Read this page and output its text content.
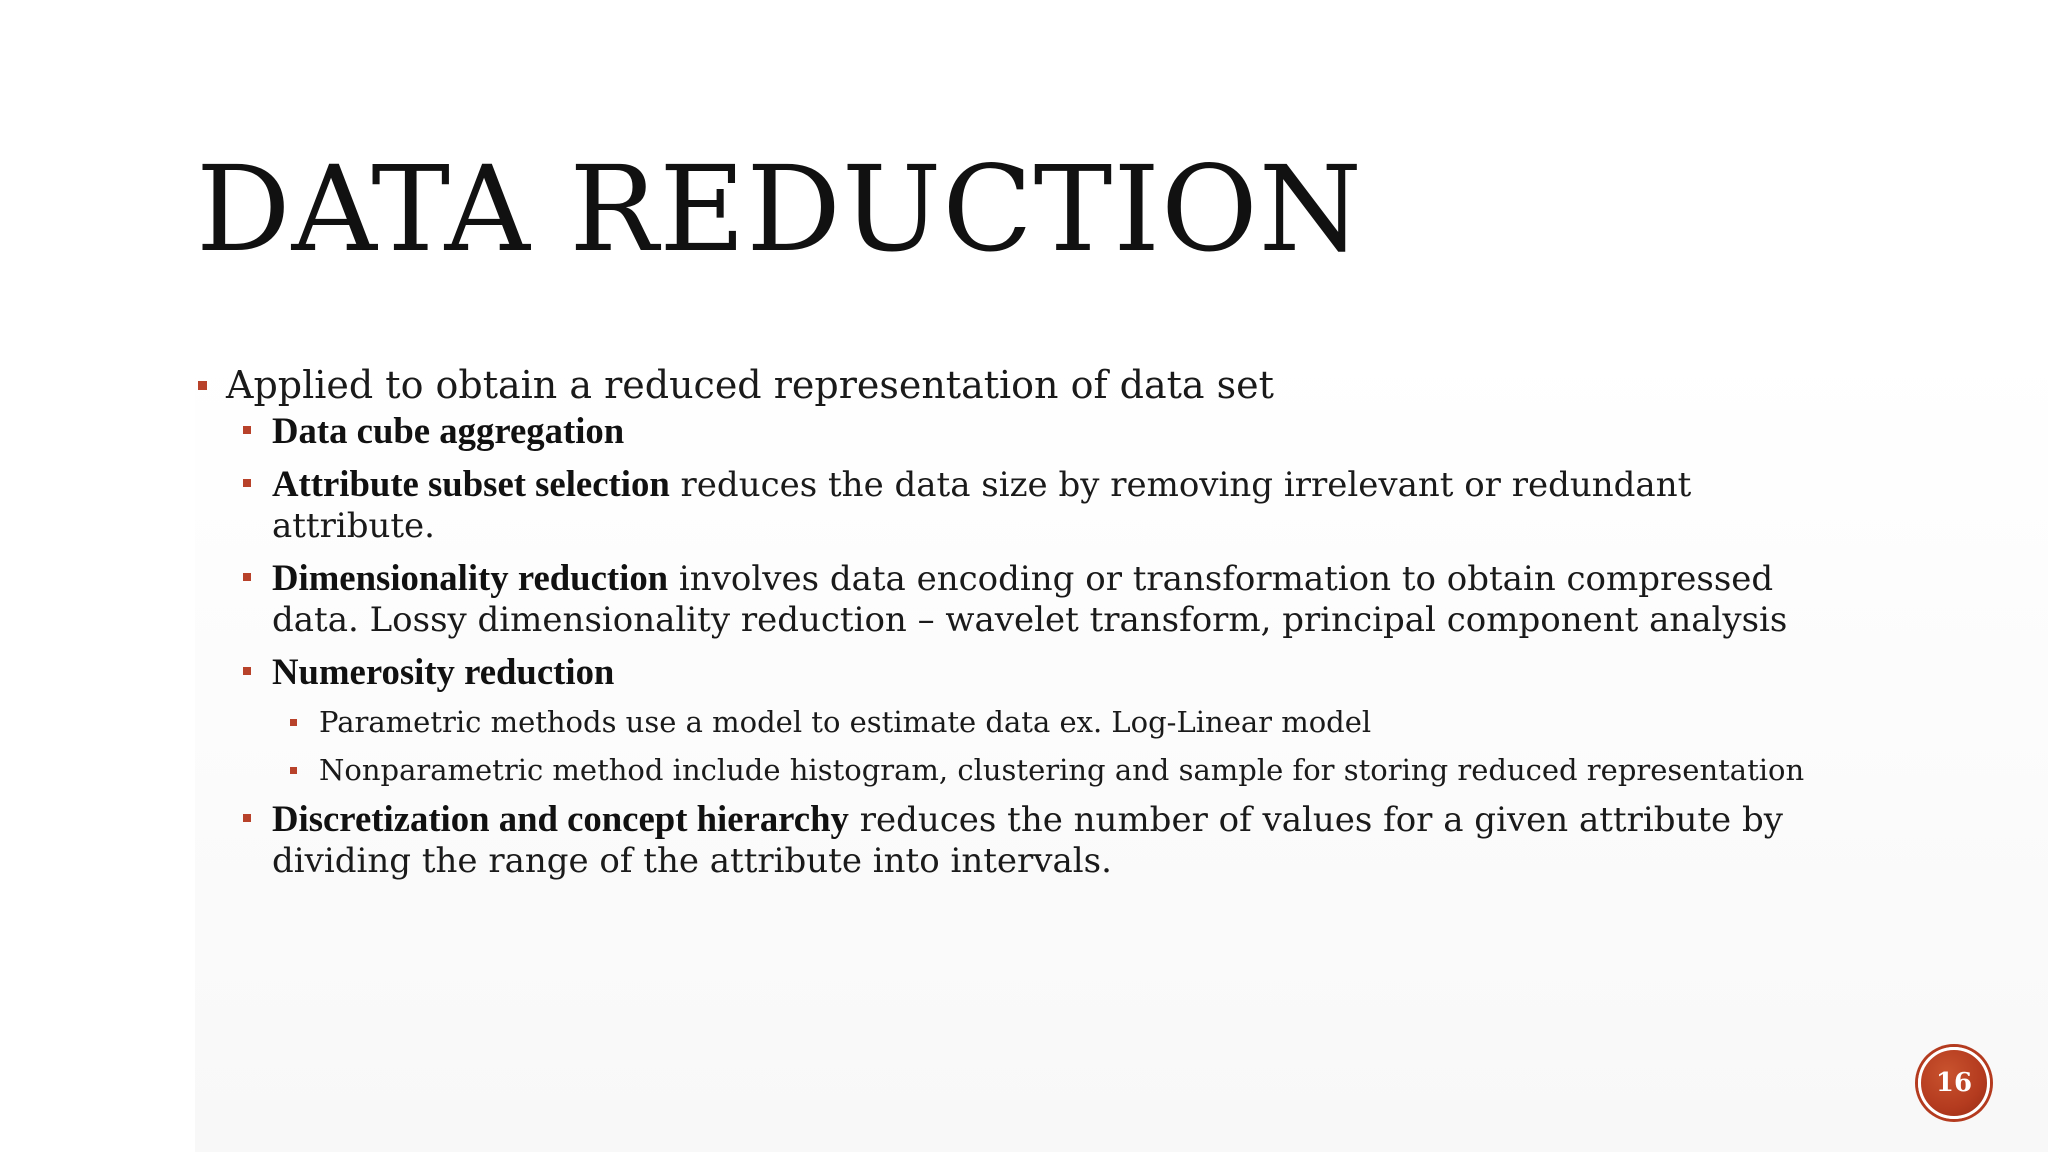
DATA REDUCTION
Applied to obtain a reduced representation of data set
Data cube aggregation
Attribute subset selection reduces the data size by removing irrelevant or redundant attribute.
Dimensionality reduction involves data encoding or transformation to obtain compressed data. Lossy dimensionality reduction – wavelet transform, principal component analysis
Numerosity reduction
Parametric methods use a model to estimate data ex. Log-Linear model
Nonparametric method include histogram, clustering and sample for storing reduced representation
Discretization and concept hierarchy reduces the number of values for a given attribute by dividing the range of the attribute into intervals.
16
